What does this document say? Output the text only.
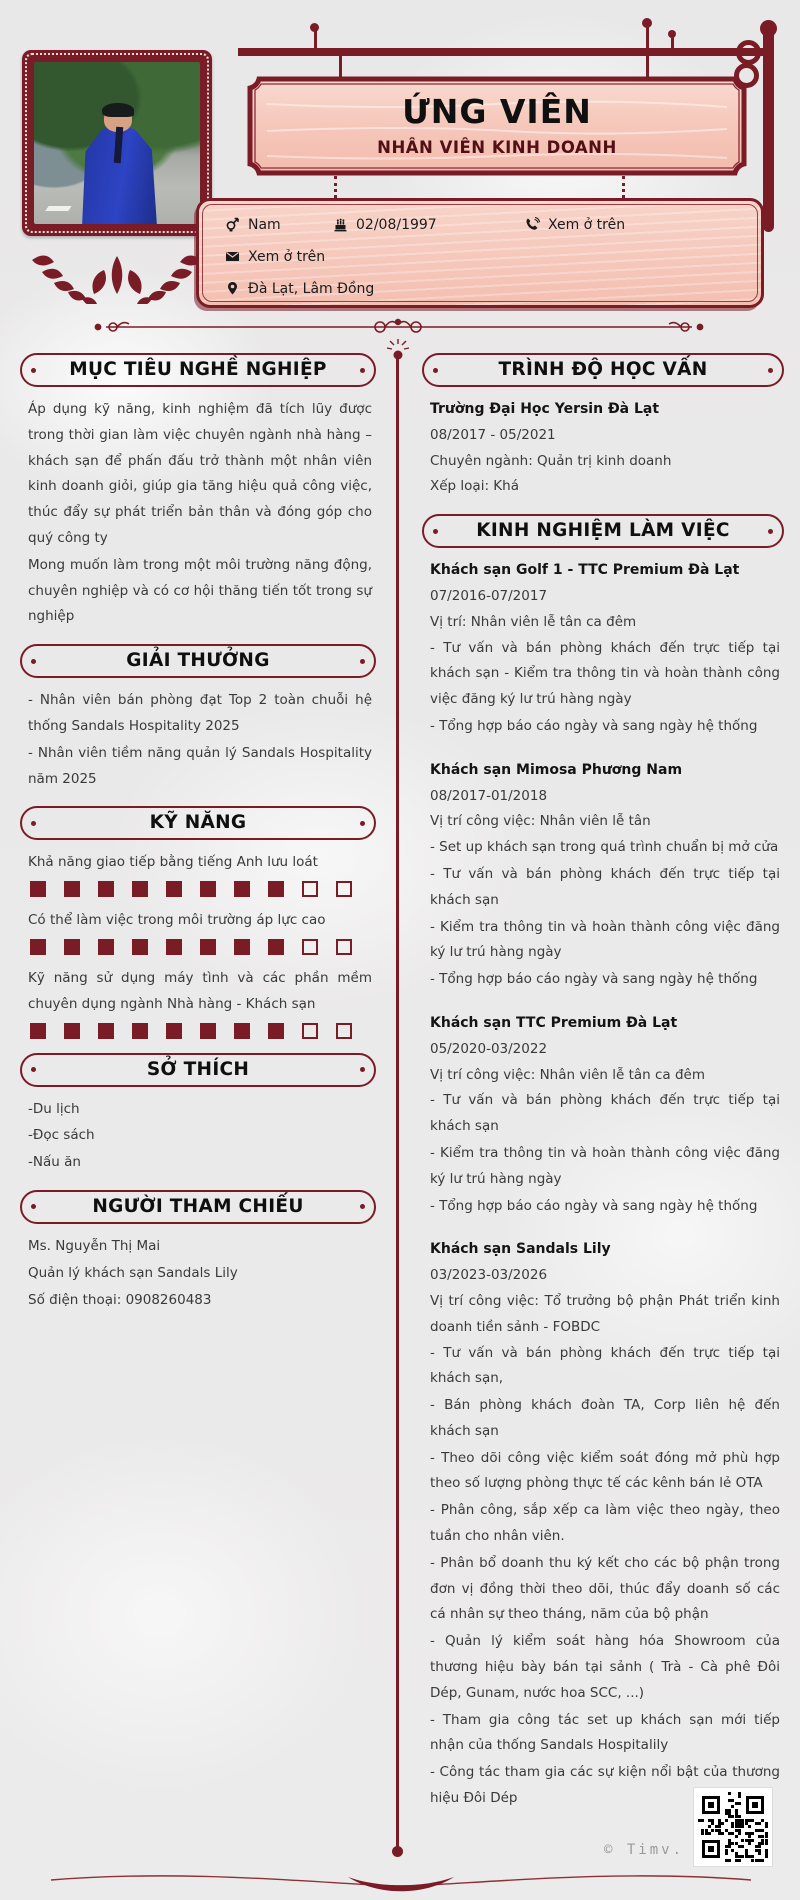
ỨNG VIÊN
NHÂN VIÊN KINH DOANH
Nam	02/08/1997	Xem ở trên
Xem ở trên
Đà Lạt, Lâm Đồng
MỤC TIÊU NGHỀ NGHIỆP
Áp dụng kỹ năng, kinh nghiệm đã tích lũy được trong thời gian làm việc chuyên ngành nhà hàng – khách sạn để phấn đấu trở thành một nhân viên kinh doanh giỏi, giúp gia tăng hiệu quả công việc, thúc đẩy sự phát triển bản thân và đóng góp cho quý công ty
Mong muốn làm trong một môi trường năng động, chuyên nghiệp và có cơ hội thăng tiến tốt trong sự nghiệp
GIẢI THƯỞNG
- Nhân viên bán phòng đạt Top 2 toàn chuỗi hệ thống Sandals Hospitality 2025
- Nhân viên tiềm năng quản lý Sandals Hospitality năm 2025
KỸ NĂNG
Khả năng giao tiếp bằng tiếng Anh lưu loát
Có thể làm việc trong môi trường áp lực cao
Kỹ năng sử dụng máy tình và các phần mềm chuyên dụng ngành Nhà hàng - Khách sạn
SỞ THÍCH
-Du lịch
-Đọc sách
-Nấu ăn
NGƯỜI THAM CHIẾU
Ms. Nguyễn Thị Mai
Quản lý khách sạn Sandals Lily
Số điện thoại: 0908260483
TRÌNH ĐỘ HỌC VẤN
Trường Đại Học Yersin Đà Lạt
08/2017 - 05/2021
Chuyên ngành: Quản trị kinh doanh
Xếp loại: Khá
KINH NGHIỆM LÀM VIỆC
Khách sạn Golf 1 - TTC Premium Đà Lạt
07/2016-07/2017
Vị trí: Nhân viên lễ tân ca đêm
- Tư vấn và bán phòng khách đến trực tiếp tại khách sạn - Kiểm tra thông tin và hoàn thành công việc đăng ký lư trú hàng ngày
- Tổng hợp báo cáo ngày và sang ngày hệ thống
Khách sạn Mimosa Phương Nam
08/2017-01/2018
Vị trí công việc: Nhân viên lễ tân
- Set up khách sạn trong quá trình chuẩn bị mở cửa
- Tư vấn và bán phòng khách đến trực tiếp tại khách sạn
- Kiểm tra thông tin và hoàn thành công việc đăng ký lư trú hàng ngày
- Tổng hợp báo cáo ngày và sang ngày hệ thống
Khách sạn TTC Premium Đà Lạt
05/2020-03/2022
Vị trí công việc: Nhân viên lễ tân ca đêm
- Tư vấn và bán phòng khách đến trực tiếp tại khách sạn
- Kiểm tra thông tin và hoàn thành công việc đăng ký lư trú hàng ngày
- Tổng hợp báo cáo ngày và sang ngày hệ thống
Khách sạn Sandals Lily
03/2023-03/2026
Vị trí công việc: Tổ trưởng bộ phận Phát triển kinh doanh tiền sảnh - FOBDC
- Tư vấn và bán phòng khách đến trực tiếp tại khách sạn,
- Bán phòng khách đoàn TA, Corp liên hệ đến khách sạn
- Theo dõi công việc kiểm soát đóng mở phù hợp theo số lượng phòng thực tế các kênh bán lẻ OTA
- Phân công, sắp xếp ca làm việc theo ngày, theo tuần cho nhân viên.
- Phân bổ doanh thu ký kết cho các bộ phận trong đơn vị đồng thời theo dõi, thúc đẩy doanh số các cá nhân sự theo tháng, năm của bộ phận
- Quản lý kiểm soát hàng hóa Showroom của thương hiệu bày bán tại sảnh ( Trà - Cà phê Đôi Dép, Gunam, nước hoa SCC, ...)
- Tham gia công tác set up khách sạn mới tiếp nhận của thống Sandals Hospitalily
- Công tác tham gia các sự kiện nổi bật của thương hiệu Đôi Dép
© Timv.
